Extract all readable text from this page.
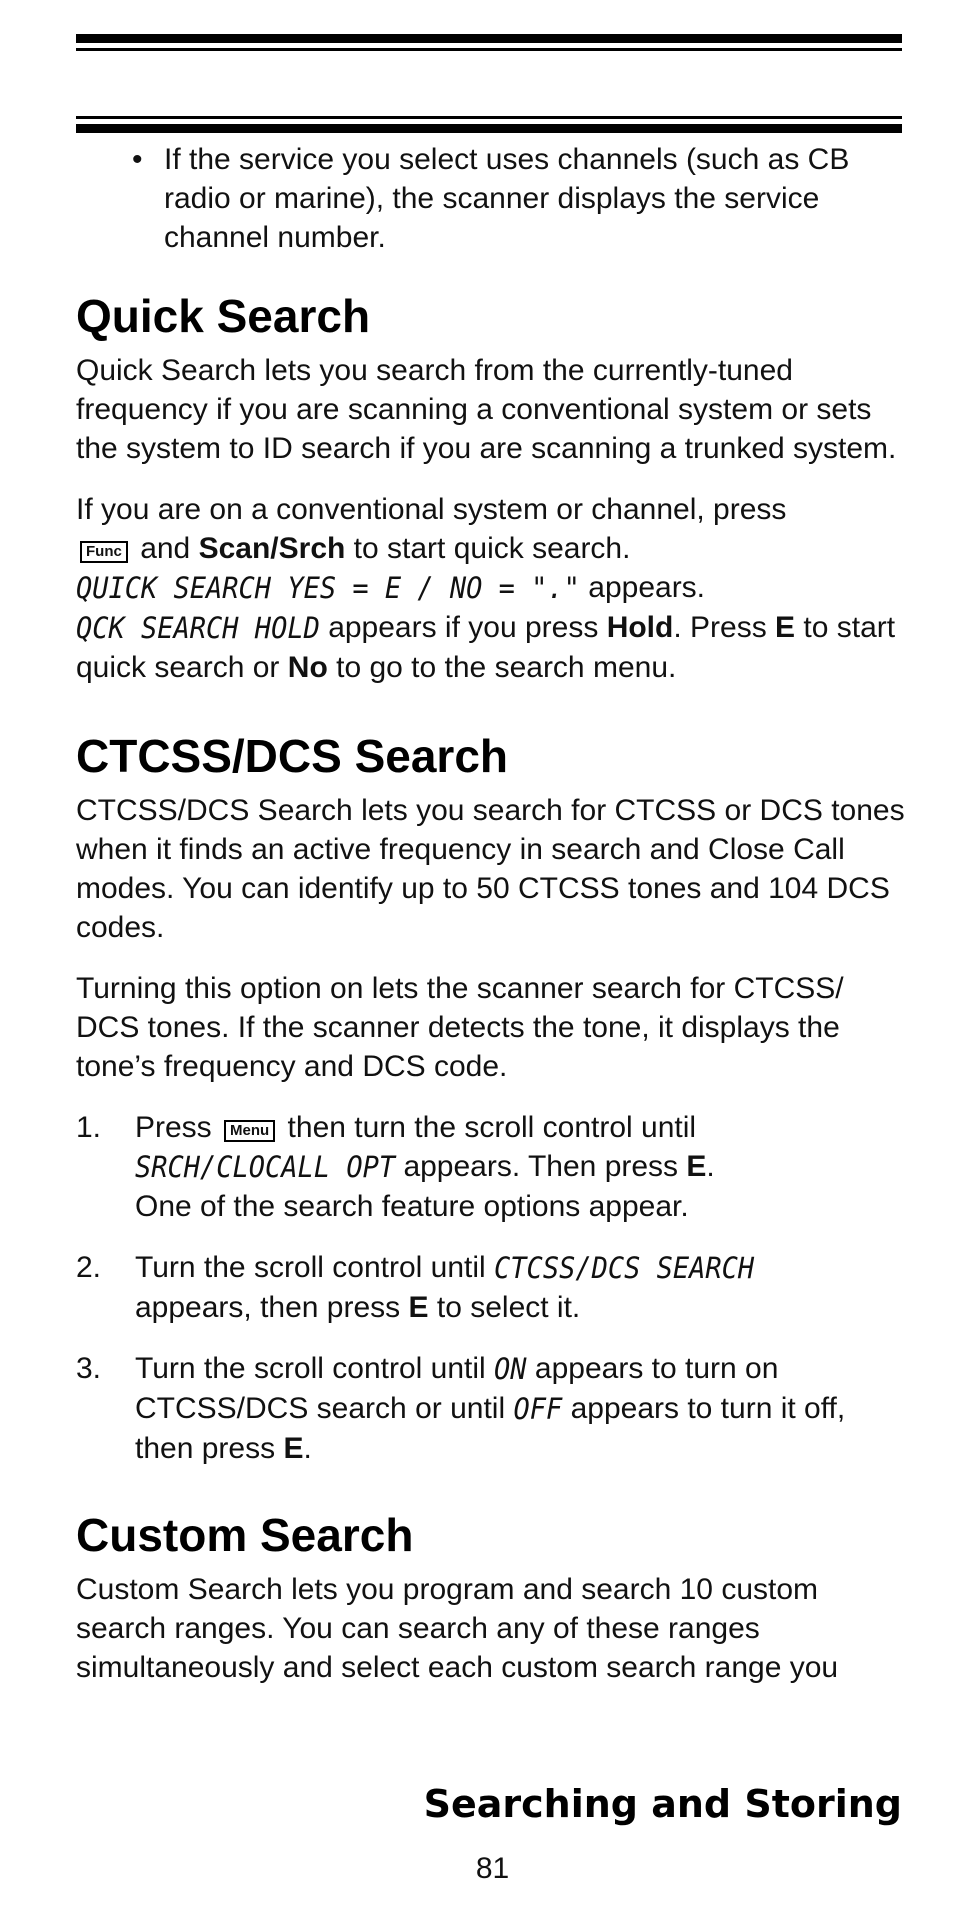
• If the service you select uses channels (such as CB radio or marine), the scanner displays the service channel number.
Quick Search

Quick Search lets you search from the currently-tuned frequency if you are scanning a conventional system or sets the system to ID search if you are scanning a trunked system.

If you are on a conventional system or channel, press
Func and Scan/Srch to start quick search. QUICK SEARCH YES = E / NO = "." appears. QCK SEARCH HOLD appears if you press Hold. Press E to start quick search or No to go to the search menu.

CTCSS/DCS Search

CTCSS/DCS Search lets you search for CTCSS or DCS tones when it finds an active frequency in search and Close Call modes. You can identify up to 50 CTCSS tones and 104 DCS codes.

Turning this option on lets the scanner search for CTCSS/ DCS tones. If the scanner detects the tone, it displays the tone’s frequency and DCS code.

1. Press Menu then turn the scroll control until
SRCH/CLOCALL OPT appears. Then press E.
One of the search feature options appear.
2. Turn the scroll control until CTCSS/DCS SEARCH
appears, then press E to select it.
3. Turn the scroll control until ON appears to turn on CTCSS/DCS search or until OFF appears to turn it off, then press E.
Custom Search

Custom Search lets you program and search 10 custom search ranges. You can search any of these ranges simultaneously and select each custom search range you

Searching and Storing
81
